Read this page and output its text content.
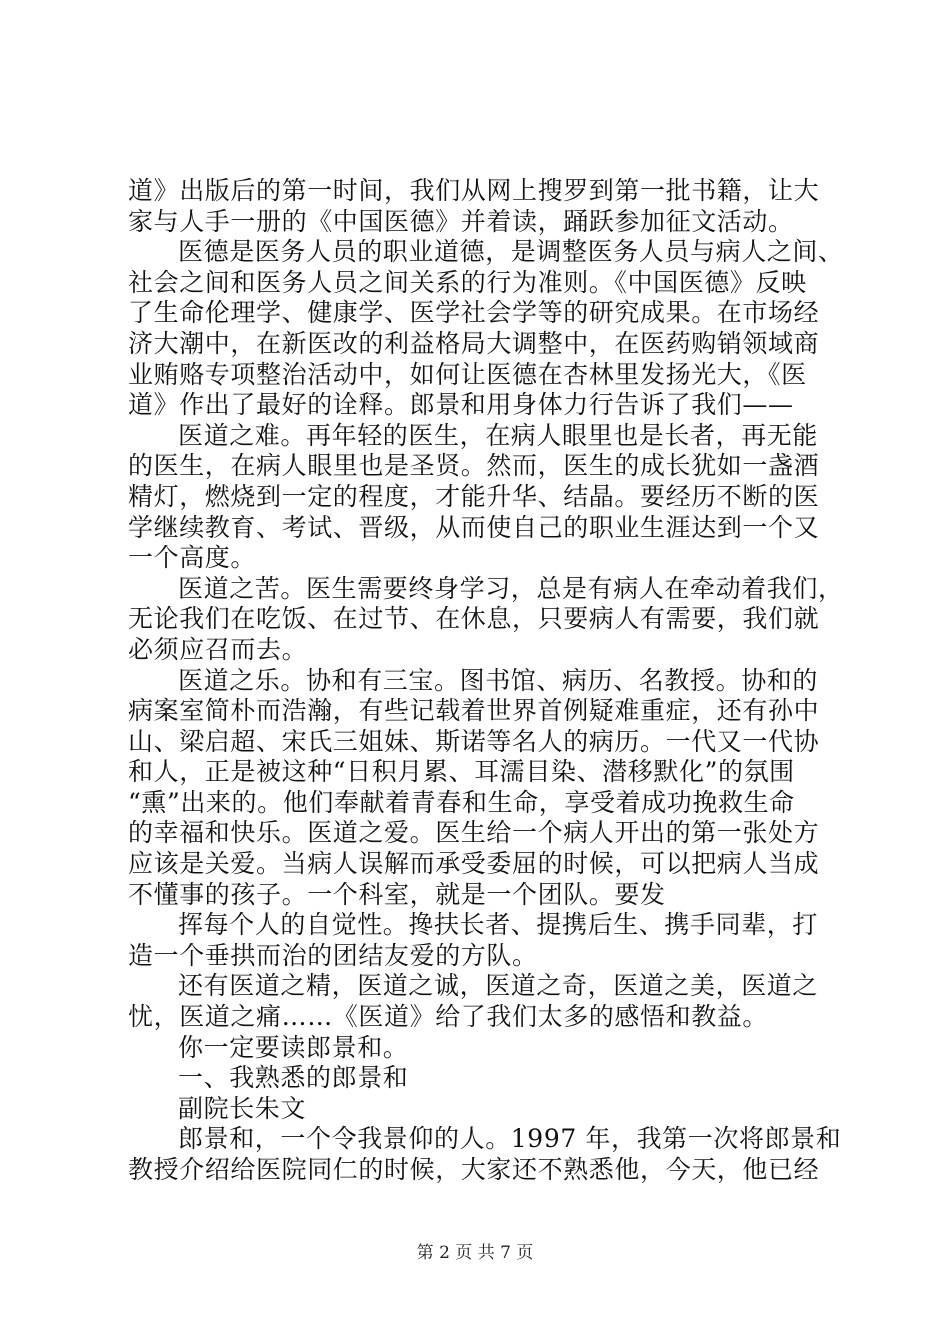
道》出版后的第一时间，我们从网上搜罗到第一批书籍，让大
家与人手一册的《中国医德》并着读，踊跃参加征文活动。
医德是医务人员的职业道德，是调整医务人员与病人之间、
社会之间和医务人员之间关系的行为准则。《中国医德》反映
了生命伦理学、健康学、医学社会学等的研究成果。在市场经
济大潮中，在新医改的利益格局大调整中，在医药购销领域商
业贿赂专项整治活动中，如何让医德在杏林里发扬光大，《医
道》作出了最好的诠释。郎景和用身体力行告诉了我们——
医道之难。再年轻的医生，在病人眼里也是长者，再无能
的医生，在病人眼里也是圣贤。然而，医生的成长犹如一盏酒
精灯，燃烧到一定的程度，才能升华、结晶。要经历不断的医
学继续教育、考试、晋级，从而使自己的职业生涯达到一个又
一个高度。
医道之苦。医生需要终身学习，总是有病人在牵动着我们，
无论我们在吃饭、在过节、在休息，只要病人有需要，我们就
必须应召而去。
医道之乐。协和有三宝。图书馆、病历、名教授。协和的
病案室简朴而浩瀚，有些记载着世界首例疑难重症，还有孙中
山、梁启超、宋氏三姐妹、斯诺等名人的病历。一代又一代协
和人，正是被这种“日积月累、耳濡目染、潜移默化”的氛围
“熏”出来的。他们奉献着青春和生命，享受着成功挽救生命
的幸福和快乐。医道之爱。医生给一个病人开出的第一张处方
应该是关爱。当病人误解而承受委屈的时候，可以把病人当成
不懂事的孩子。一个科室，就是一个团队。要发
挥每个人的自觉性。搀扶长者、提携后生、携手同辈，打
造一个垂拱而治的团结友爱的方队。
还有医道之精，医道之诚，医道之奇，医道之美，医道之
忧，医道之痛……《医道》给了我们太多的感悟和教益。
你一定要读郎景和。
一、我熟悉的郎景和
副院长朱文
郎景和，一个令我景仰的人。1997 年，我第一次将郎景和
教授介绍给医院同仁的时候，大家还不熟悉他，今天，他已经
第 2 页 共 7 页
